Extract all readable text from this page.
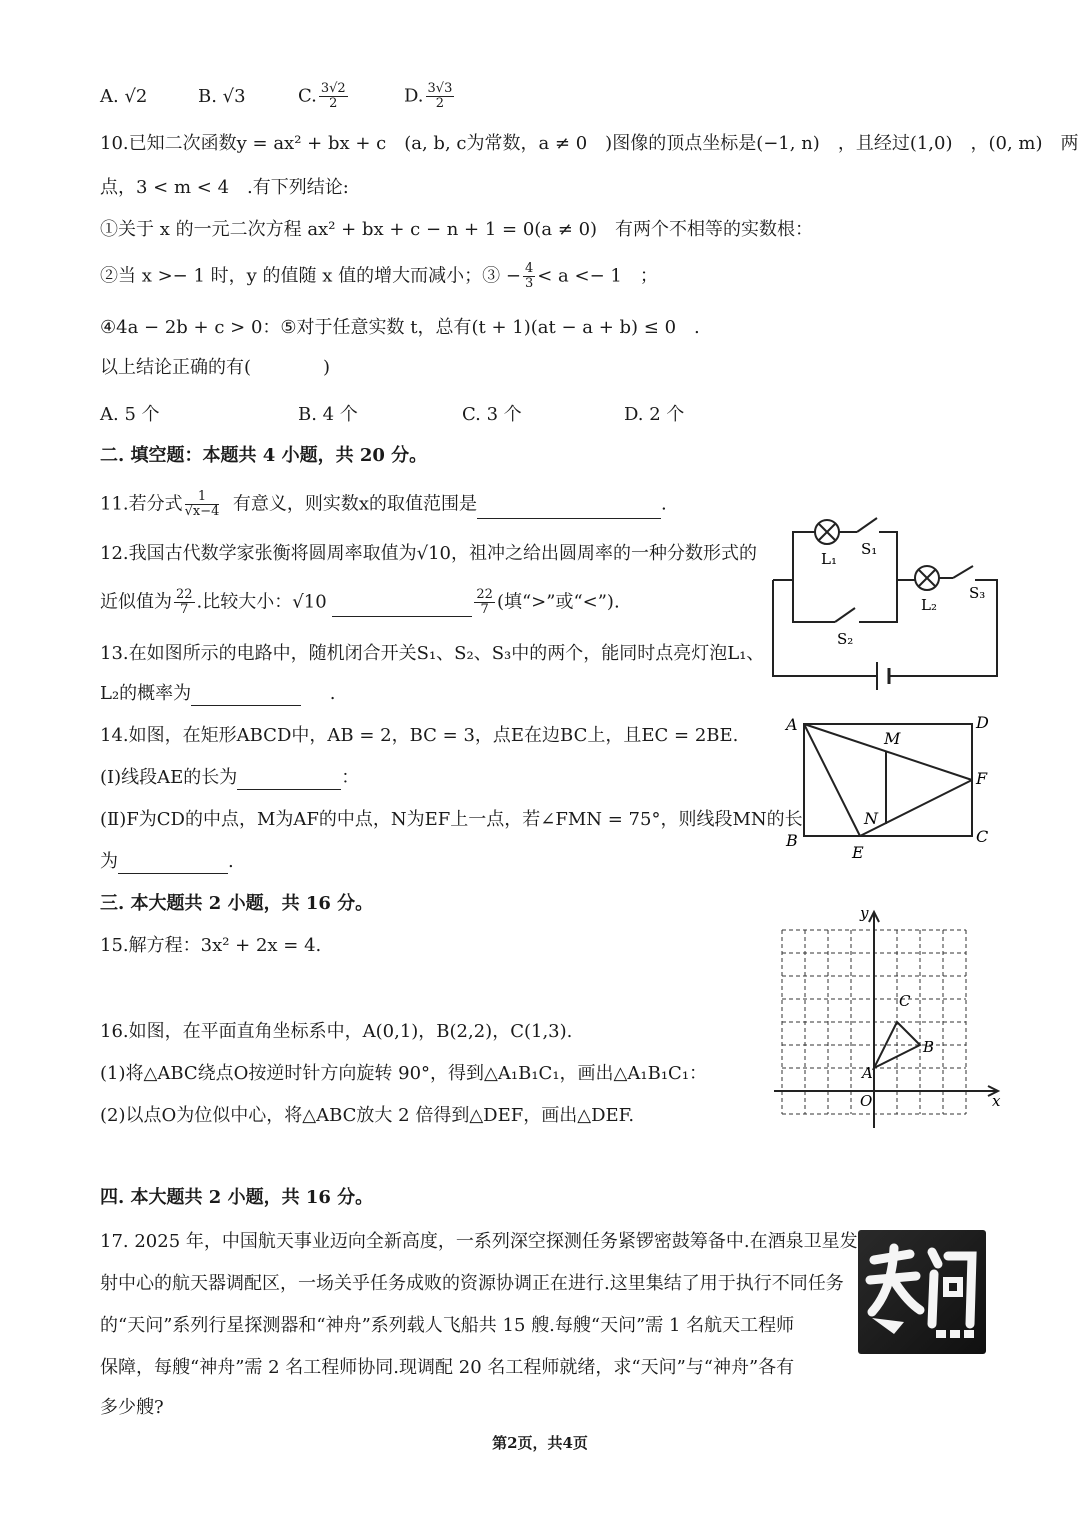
A. √2	B. √3	C. $\frac{3√2}{2}$	D. $\frac{3√3}{2}$
10.已知二次函数y = ax² + bx + c　(a, b, c为常数，a ≠ 0　)图像的顶点坐标是(−1, n)　，且经过(1,0)　，(0, m)　两
点，3 < m < 4　.有下列结论:
①关于 x 的一元二次方程 ax² + bx + c − n + 1 = 0(a ≠ 0)　有两个不相等的实数根：
②当 x >− 1 时，y 的值随 x 值的增大而减小；③ − $\frac{4}{3} < a <- 1$　；
④4a − 2b + c > 0：⑤对于任意实数 t，总有(t + 1)(at − a + b) ≤ 0　.
以上结论正确的有(　　　　)
A. 5 个	B. 4 个	C. 3 个	D. 2 个
二. 填空题：本题共 4 小题，共 20 分。
11.若分式 $\frac{1}{√x-4}$ 有意义，则实数x的取值范围是	.
12.我国古代数学家张衡将圆周率取值为√10，祖冲之给出圆周率的一种分数形式的
近似值为 $\frac{22}{7}$ .比较大小：√10	$\frac{22}{7}$ (填“>”或“<”).
13.在如图所示的电路中，随机闭合开关S₁、S₂、S₃中的两个，能同时点亮灯泡L₁、
L₂的概率为	.
14.如图，在矩形ABCD中，AB = 2，BC = 3，点E在边BC上，且EC = 2BE.
(Ⅰ)线段AE的长为	：
(Ⅱ)F为CD的中点，M为AF的中点，N为EF上一点，若∠FMN = 75°，则线段MN的长
为	.
三. 本大题共 2 小题，共 16 分。
15.解方程：3x² + 2x = 4.
16.如图，在平面直角坐标系中，A(0,1)，B(2,2)，C(1,3).
(1)将△ABC绕点O按逆时针方向旋转 90°，得到△A₁B₁C₁，画出△A₁B₁C₁：
(2)以点O为位似中心，将△ABC放大 2 倍得到△DEF，画出△DEF.
四. 本大题共 2 小题，共 16 分。
17. 2025 年，中国航天事业迈向全新高度，一系列深空探测任务紧锣密鼓筹备中.在酒泉卫星发
射中心的航天器调配区，一场关乎任务成败的资源协调正在进行.这里集结了用于执行不同任务
的“天问”系列行星探测器和“神舟”系列载人飞船共 15 艘.每艘“天问”需 1 名航天工程师
保障，每艘“神舟”需 2 名工程师协同.现调配 20 名工程师就绪，求“天问”与“神舟”各有
多少艘?
L₁
S₁
L₂
S₃
S₂
A	D
B	C
E
F
M
N
y
x
O
A
B
C
第2页，共4页
